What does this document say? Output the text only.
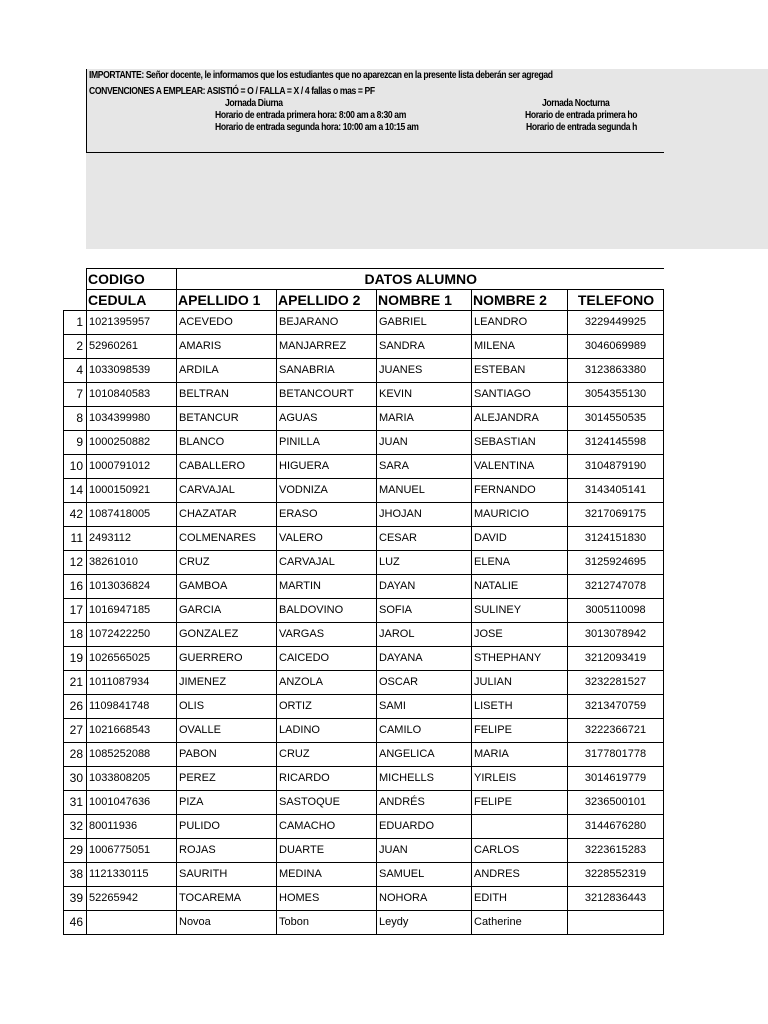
IMPORTANTE: Señor docente, le informamos que los estudiantes que no aparezcan en la presente lista deberán ser agregad
CONVENCIONES A EMPLEAR: ASISTIÓ = O / FALLA = X / 4 fallas o mas = PF
Jornada Diurna
Horario de entrada primera hora: 8:00 am a 8:30 am
Horario de entrada segunda hora: 10:00 am a 10:15 am
Jornada Nocturna
Horario de entrada primera ho
Horario de entrada segunda h
	CODIGO	DATOS ALUMNO				
	CEDULA	APELLIDO 1	APELLIDO 2	NOMBRE 1	NOMBRE 2	TELEFONO
1	1021395957	ACEVEDO	BEJARANO	GABRIEL	LEANDRO	3229449925
2	52960261	AMARIS	MANJARREZ	SANDRA	MILENA	3046069989
4	1033098539	ARDILA	SANABRIA	JUANES	ESTEBAN	3123863380
7	1010840583	BELTRAN	BETANCOURT	KEVIN	SANTIAGO	3054355130
8	1034399980	BETANCUR	AGUAS	MARIA	ALEJANDRA	3014550535
9	1000250882	BLANCO	PINILLA	JUAN	SEBASTIAN	3124145598
10	1000791012	CABALLERO	HIGUERA	SARA	VALENTINA	3104879190
14	1000150921	CARVAJAL	VODNIZA	MANUEL	FERNANDO	3143405141
42	1087418005	CHAZATAR	ERASO	JHOJAN	MAURICIO	3217069175
11	2493112	COLMENARES	VALERO	CESAR	DAVID	3124151830
12	38261010	CRUZ	CARVAJAL	LUZ	ELENA	3125924695
16	1013036824	GAMBOA	MARTIN	DAYAN	NATALIE	3212747078
17	1016947185	GARCIA	BALDOVINO	SOFIA	SULINEY	3005110098
18	1072422250	GONZALEZ	VARGAS	JAROL	JOSE	3013078942
19	1026565025	GUERRERO	CAICEDO	DAYANA	STHEPHANY	3212093419
21	1011087934	JIMENEZ	ANZOLA	OSCAR	JULIAN	3232281527
26	1109841748	OLIS	ORTIZ	SAMI	LISETH	3213470759
27	1021668543	OVALLE	LADINO	CAMILO	FELIPE	3222366721
28	1085252088	PABON	CRUZ	ANGELICA	MARIA	3177801778
30	1033808205	PEREZ	RICARDO	MICHELLS	YIRLEIS	3014619779
31	1001047636	PIZA	SASTOQUE	ANDRÉS	FELIPE	3236500101
32	80011936	PULIDO	CAMACHO	EDUARDO		3144676280
29	1006775051	ROJAS	DUARTE	JUAN	CARLOS	3223615283
38	1121330115	SAURITH	MEDINA	SAMUEL	ANDRES	3228552319
39	52265942	TOCAREMA	HOMES	NOHORA	EDITH	3212836443
46		Novoa	Tobon	Leydy	Catherine	
